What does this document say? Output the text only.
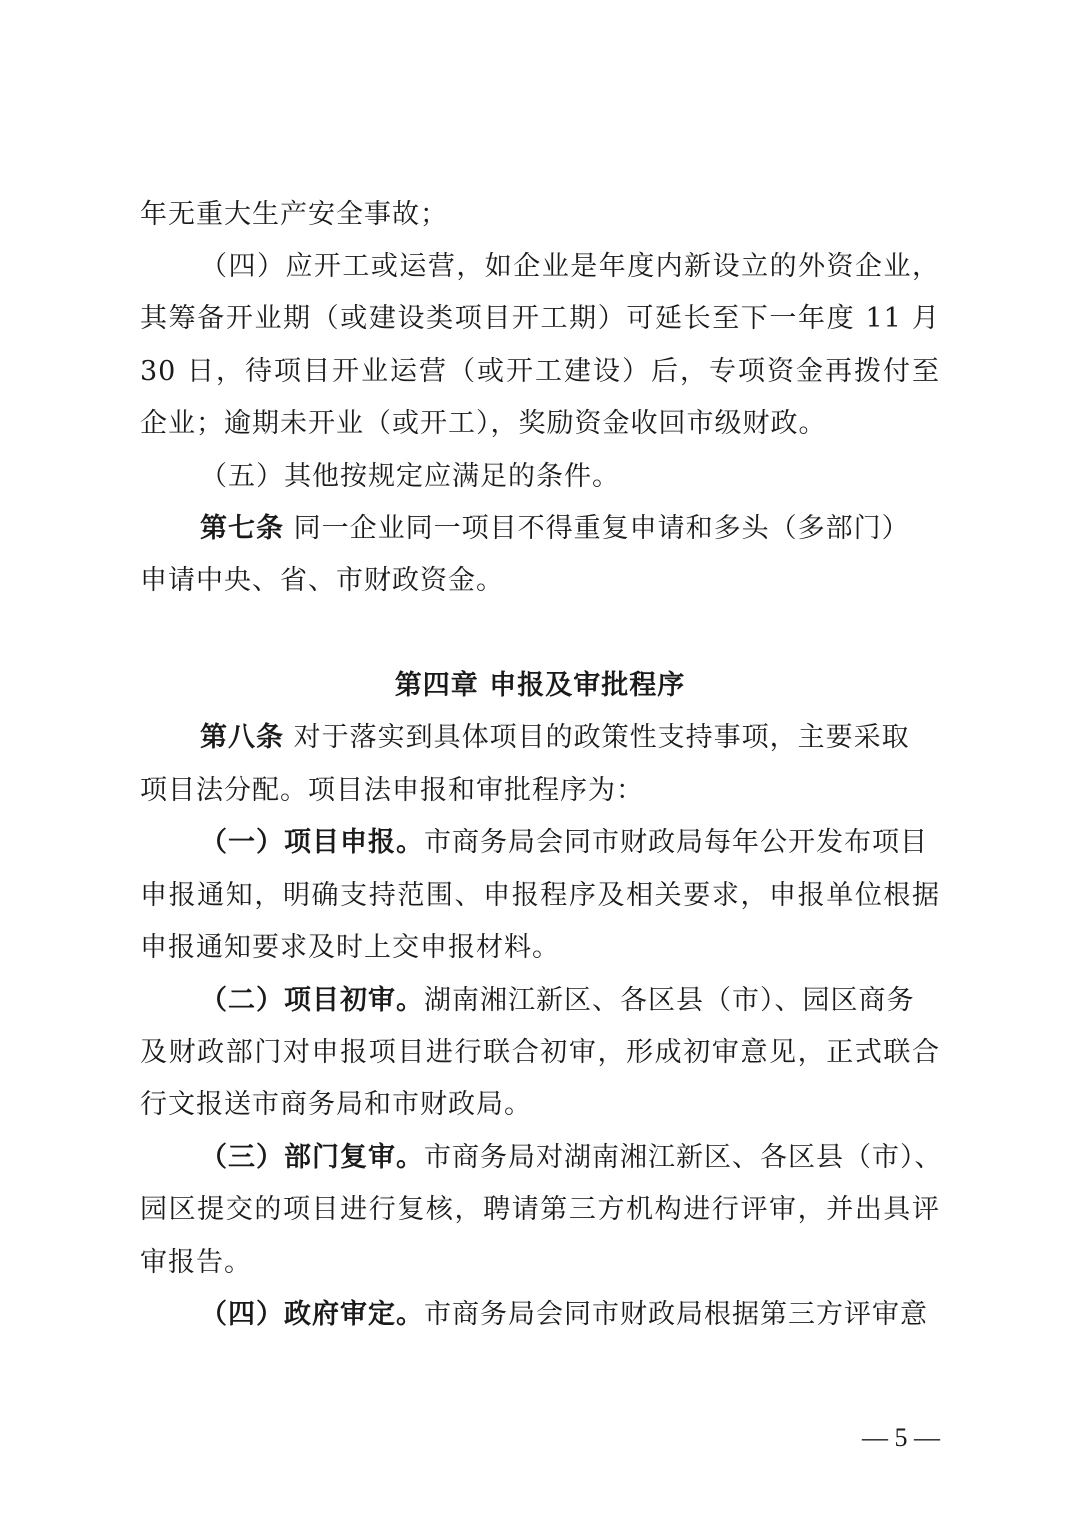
年无重大生产安全事故；
（四）应开工或运营，如企业是年度内新设立的外资企业，
其筹备开业期（或建设类项目开工期）可延长至下一年度 11 月
30 日，待项目开业运营（或开工建设）后，专项资金再拨付至
企业；逾期未开业（或开工），奖励资金收回市级财政。
（五）其他按规定应满足的条件。
第七条 同一企业同一项目不得重复申请和多头（多部门）
申请中央、省、市财政资金。
第四章 申报及审批程序
第八条 对于落实到具体项目的政策性支持事项，主要采取
项目法分配。项目法申报和审批程序为：
（一）项目申报。市商务局会同市财政局每年公开发布项目
申报通知，明确支持范围、申报程序及相关要求，申报单位根据
申报通知要求及时上交申报材料。
（二）项目初审。湖南湘江新区、各区县（市）、园区商务
及财政部门对申报项目进行联合初审，形成初审意见，正式联合
行文报送市商务局和市财政局。
（三）部门复审。市商务局对湖南湘江新区、各区县（市）、
园区提交的项目进行复核，聘请第三方机构进行评审，并出具评
审报告。
（四）政府审定。市商务局会同市财政局根据第三方评审意
— 5 —
